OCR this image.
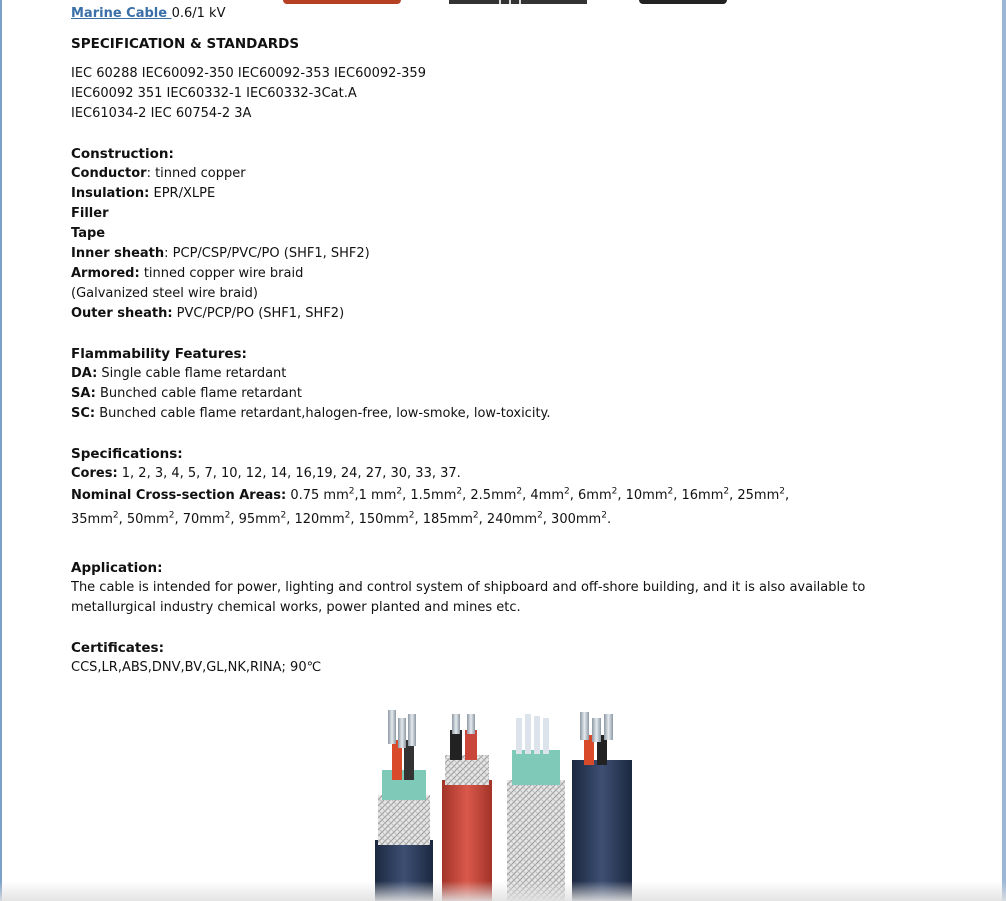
Marine Cable 0.6/1 kV

SPECIFICATION & STANDARDS

IEC 60288 IEC60092-350 IEC60092-353 IEC60092-359

IEC60092 351 IEC60332-1 IEC60332-3Cat.A

IEC61034-2 IEC 60754-2 3A

Construction:

Conductor: tinned copper

Insulation: EPR/XLPE

Filler

Tape

Inner sheath: PCP/CSP/PVC/PO (SHF1, SHF2)

Armored: tinned copper wire braid

(Galvanized steel wire braid)

Outer sheath: PVC/PCP/PO (SHF1, SHF2)

Flammability Features:

DA: Single cable flame retardant

SA: Bunched cable flame retardant

SC: Bunched cable flame retardant,halogen-free, low-smoke, low-toxicity.

Specifications:

Cores: 1, 2, 3, 4, 5, 7, 10, 12, 14, 16,19, 24, 27, 30, 33, 37.

Nominal Cross-section Areas: 0.75 $mm^2,1$ $mm^2$, $1.5mm^2$, $2.5mm^2$, $4mm^2$, $6mm^2$, $10mm^2$, $16mm^2$, $25mm^2$,

$35mm^2$, $50mm^2$, $70mm^2$, $95mm^2$, $120mm^2$, $150mm^2$, $185mm^2$, $240mm^2$, $300mm^2$.

Application:

The cable is intended for power, lighting and control system of shipboard and off-shore building, and it is also available to metallurgical industry chemical works, power planted and mines etc.

Certificates:

CCS,LR,ABS,DNV,BV,GL,NK,RINA; 90℃
